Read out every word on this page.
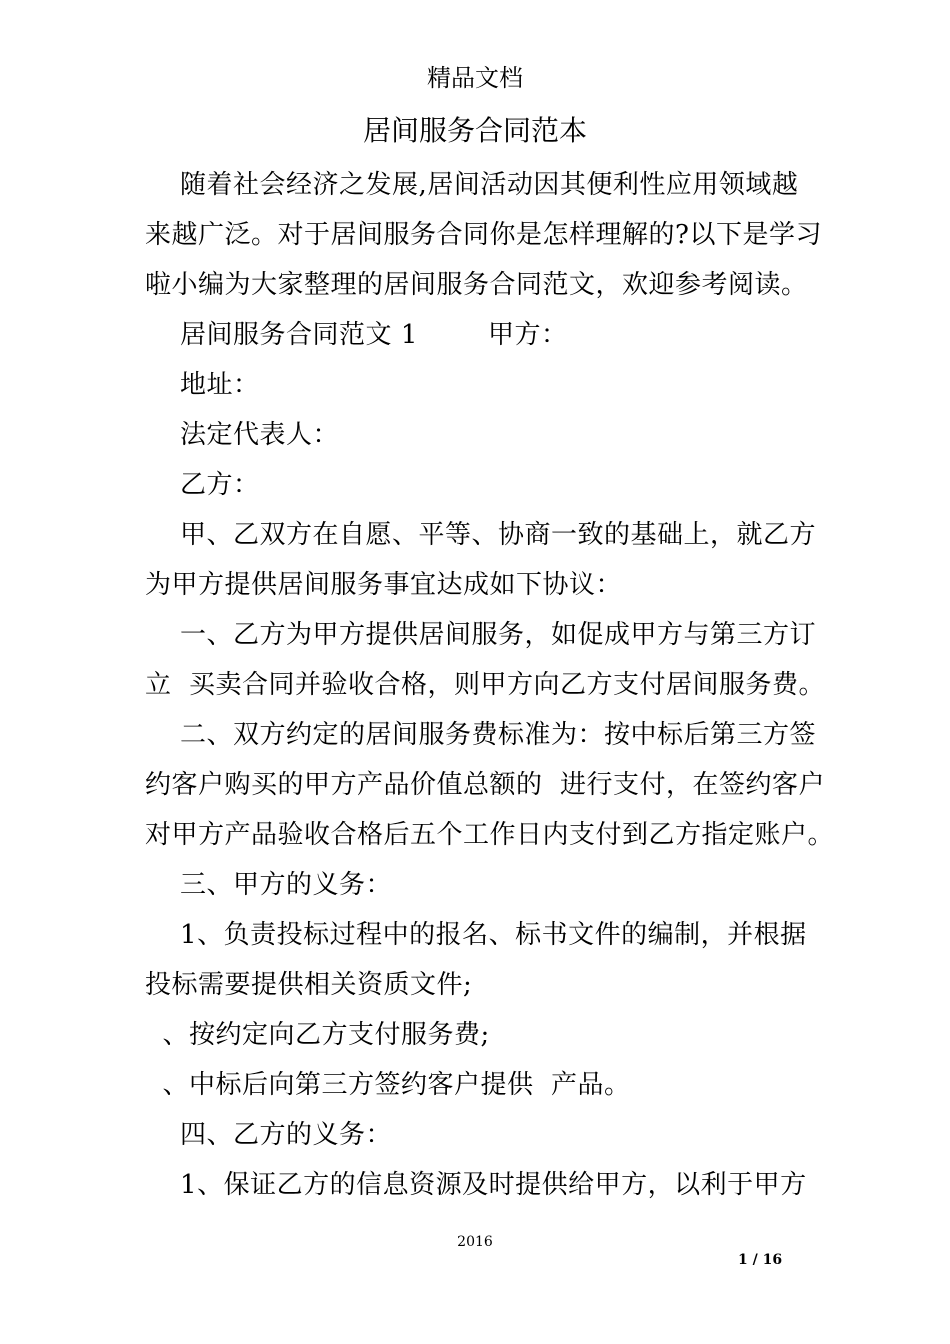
精品文档
居间服务合同范本

随着社会经济之发展,居间活动因其便利性应用领域越

来越广泛。对于居间服务合同你是怎样理解的?以下是学习

啦小编为大家整理的居间服务合同范文，欢迎参考阅读。

居间服务合同范文 1        甲方：

地址：

法定代表人：

乙方：

甲、乙双方在自愿、平等、协商一致的基础上，就乙方

为甲方提供居间服务事宜达成如下协议：

一、乙方为甲方提供居间服务，如促成甲方与第三方订

立  买卖合同并验收合格，则甲方向乙方支付居间服务费。

二、双方约定的居间服务费标准为：按中标后第三方签

约客户购买的甲方产品价值总额的  进行支付，在签约客户

对甲方产品验收合格后五个工作日内支付到乙方指定账户。

三、甲方的义务：

1、负责投标过程中的报名、标书文件的编制，并根据

投标需要提供相关资质文件;

、按约定向乙方支付服务费;

、中标后向第三方签约客户提供  产品。

四、乙方的义务：

1、保证乙方的信息资源及时提供给甲方，以利于甲方

2016
1 / 16
